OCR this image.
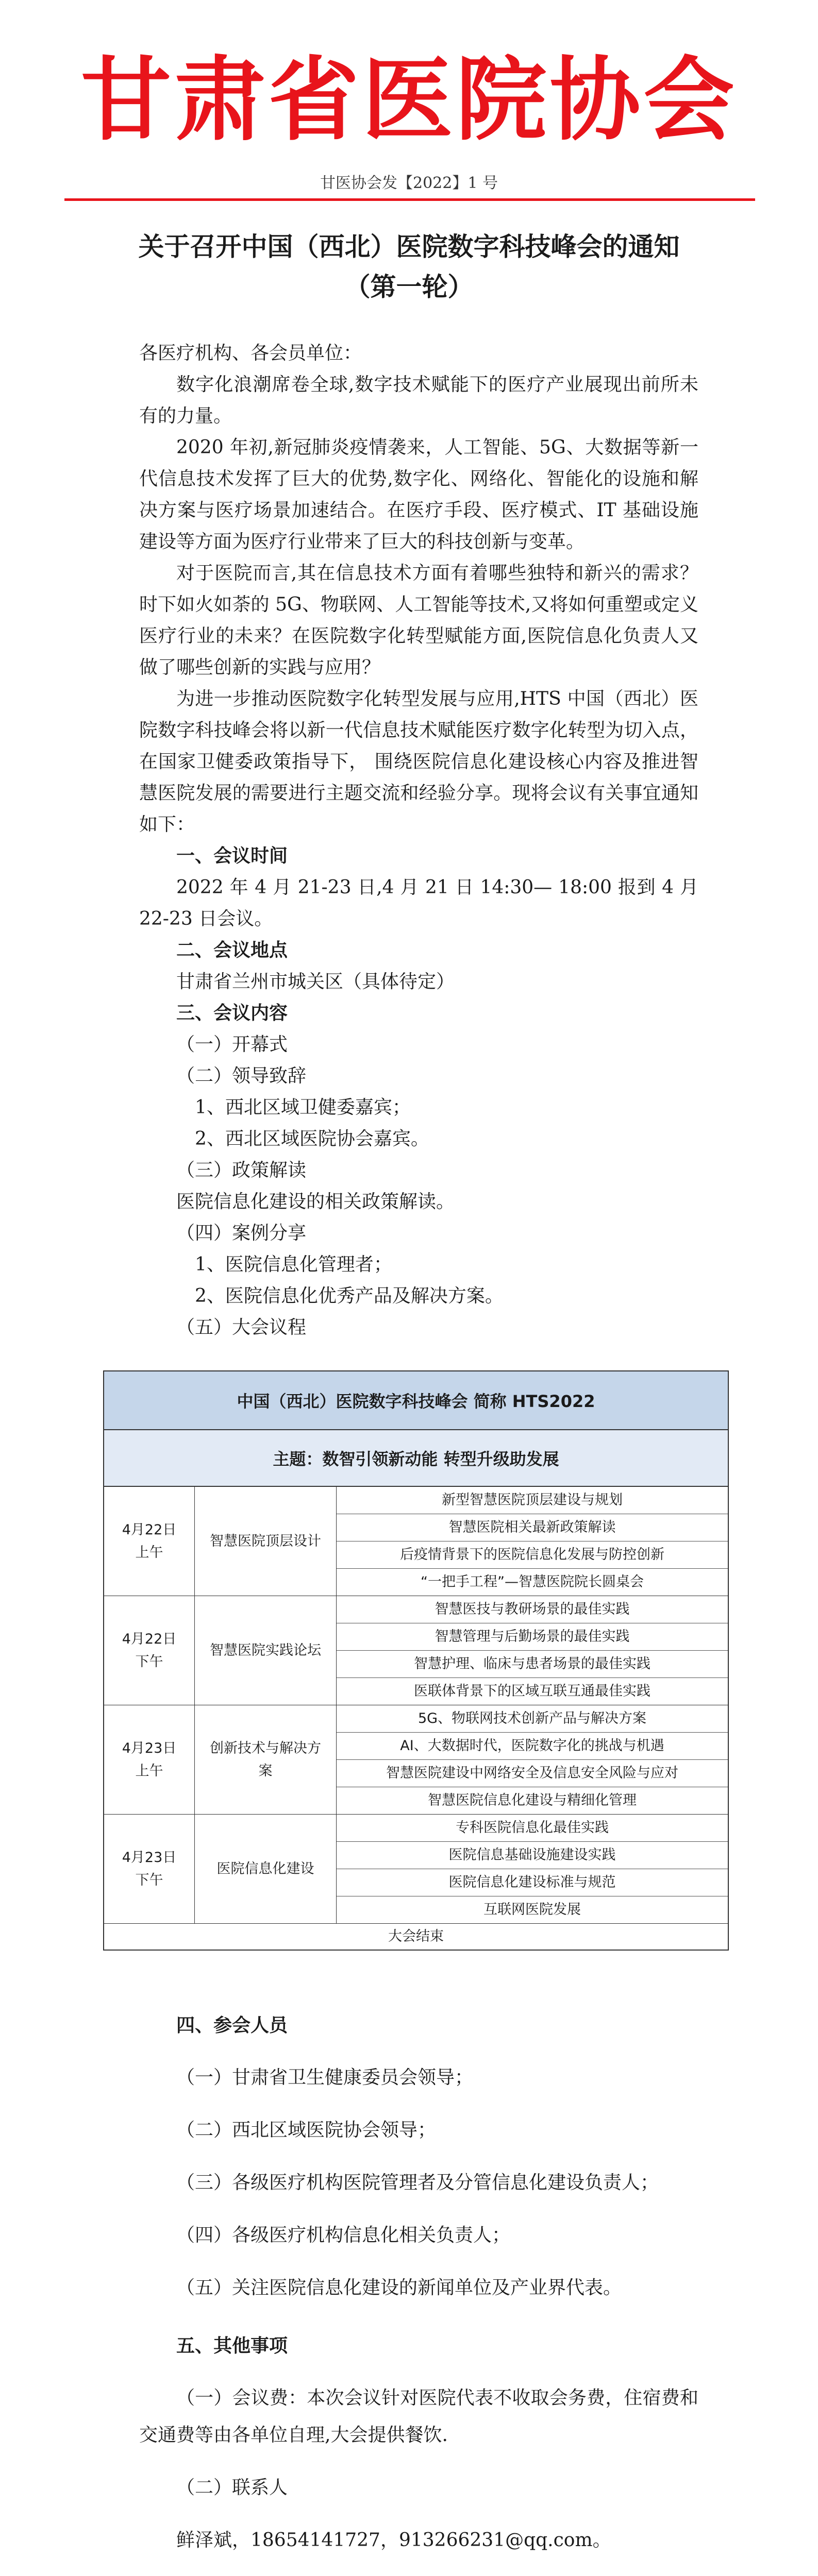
甘肃省医院协会
甘医协会发【2022】1 号
关于召开中国（西北）医院数字科技峰会的通知
（第一轮）

各医疗机构、各会员单位：

数字化浪潮席卷全球,数字技术赋能下的医疗产业展现出前所未有的力量。

2020 年初,新冠肺炎疫情袭来，人工智能、5G、大数据等新一代信息技术发挥了巨大的优势,数字化、网络化、智能化的设施和解决方案与医疗场景加速结合。在医疗手段、医疗模式、IT 基础设施建设等方面为医疗行业带来了巨大的科技创新与变革。

对于医院而言,其在信息技术方面有着哪些独特和新兴的需求？时下如火如荼的 5G、物联网、人工智能等技术,又将如何重塑或定义医疗行业的未来？在医院数字化转型赋能方面,医院信息化负责人又做了哪些创新的实践与应用？

为进一步推动医院数字化转型发展与应用,HTS 中国（西北）医院数字科技峰会将以新一代信息技术赋能医疗数字化转型为切入点，在国家卫健委政策指导下， 围绕医院信息化建设核心内容及推进智慧医院发展的需要进行主题交流和经验分享。现将会议有关事宜通知如下：

一、会议时间

2022 年 4 月 21-23 日,4 月 21 日 14:30— 18:00 报到 4 月 22-23 日会议。

二、会议地点

甘肃省兰州市城关区（具体待定）

三、会议内容

（一）开幕式

（二）领导致辞

1、西北区域卫健委嘉宾；

2、西北区域医院协会嘉宾。

（三）政策解读

医院信息化建设的相关政策解读。

（四）案例分享

1、医院信息化管理者；

2、医院信息化优秀产品及解决方案。

（五）大会议程

中国（西北）医院数字科技峰会 简称 HTS2022
主题：数智引领新动能 转型升级助发展
4月22日
上午
智慧医院顶层设计
新型智慧医院顶层建设与规划
智慧医院相关最新政策解读
后疫情背景下的医院信息化发展与防控创新
“一把手工程”—智慧医院院长圆桌会
4月22日
下午
智慧医院实践论坛
智慧医技与教研场景的最佳实践
智慧管理与后勤场景的最佳实践
智慧护理、临床与患者场景的最佳实践
医联体背景下的区域互联互通最佳实践
4月23日
上午
创新技术与解决方案
5G、物联网技术创新产品与解决方案
AI、大数据时代，医院数字化的挑战与机遇
智慧医院建设中网络安全及信息安全风险与应对
智慧医院信息化建设与精细化管理
4月23日
下午
医院信息化建设
专科医院信息化最佳实践
医院信息基础设施建设实践
医院信息化建设标准与规范
互联网医院发展
大会结束

四、参会人员

（一）甘肃省卫生健康委员会领导；

（二）西北区域医院协会领导；

（三）各级医疗机构医院管理者及分管信息化建设负责人；

（四）各级医疗机构信息化相关负责人；

（五）关注医院信息化建设的新闻单位及产业界代表。

五、其他事项

（一）会议费：本次会议针对医院代表不收取会务费，住宿费和交通费等由各单位自理,大会提供餐饮.

（二）联系人

鲜泽斌，18654141727，913266231@qq.com。
